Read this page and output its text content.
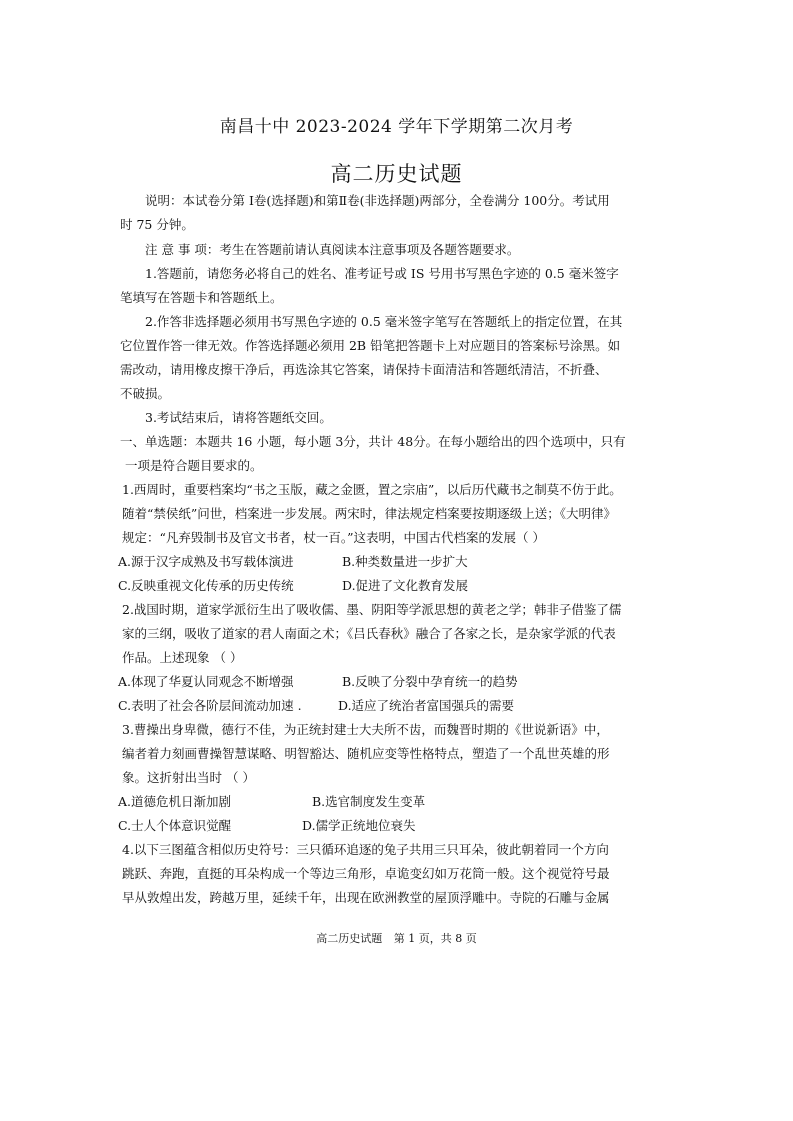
南昌十中 2023-2024 学年下学期第二次月考
高二历史试题
说明：本试卷分第 Ⅰ卷(选择题)和第Ⅱ卷(非选择题)两部分，全卷满分 100分。考试用
时 75 分钟。
注 意 事 项：考生在答题前请认真阅读本注意事项及各题答题要求。
1.答题前，请您务必将自己的姓名、准考证号或 IS 号用书写黑色字迹的 0.5 毫米签字
笔填写在答题卡和答题纸上。
2.作答非选择题必须用书写黑色字迹的 0.5 毫米签字笔写在答题纸上的指定位置，在其
它位置作答一律无效。作答选择题必须用 2B 铅笔把答题卡上对应题目的答案标号涂黑。如
需改动，请用橡皮擦干净后，再选涂其它答案，请保持卡面清洁和答题纸清洁，不折叠、
不破损。
3.考试结束后，请将答题纸交回。
一、单选题：本题共 16 小题，每小题 3分，共计 48分。在每小题给出的四个选项中，只有
一项是符合题目要求的。
1.西周时，重要档案均“书之玉版，藏之金匮，置之宗庙”，以后历代藏书之制莫不仿于此。
随着“禁侯纸”问世，档案进一步发展。两宋时，律法规定档案要按期逐级上送；《大明律》
规定：“凡弃毁制书及官文书者，杖一百。”这表明，中国古代档案的发展（ ）
A.源于汉字成熟及书写载体演进	B.种类数量进一步扩大
C.反映重视文化传承的历史传统	D.促进了文化教育发展
2.战国时期，道家学派衍生出了吸收儒、墨、阴阳等学派思想的黄老之学；韩非子借鉴了儒
家的三纲，吸收了道家的君人南面之术；《吕氏春秋》融合了各家之长，是杂家学派的代表
作品。上述现象 （ ）
A.体现了华夏认同观念不断增强	B.反映了分裂中孕育统一的趋势
C.表明了社会各阶层间流动加速 .	D.适应了统治者富国强兵的需要
3.曹操出身卑微，德行不佳，为正统封建士大夫所不齿，而魏晋时期的《世说新语》中，
编者着力刻画曹操智慧谋略、明智豁达、随机应变等性格特点，塑造了一个乱世英雄的形
象。这折射出当时 （ ）
A.道德危机日渐加剧	B.选官制度发生变革
C.士人个体意识觉醒	D.儒学正统地位衰失
4.以下三图蕴含相似历史符号：三只循环追逐的兔子共用三只耳朵，彼此朝着同一个方向
跳跃、奔跑，直挺的耳朵构成一个等边三角形，卓诡变幻如万花筒一般。这个视觉符号最
早从敦煌出发，跨越万里，延续千年，出现在欧洲教堂的屋顶浮雕中。寺院的石雕与金属
高二历史试题 第 1 页，共 8 页
